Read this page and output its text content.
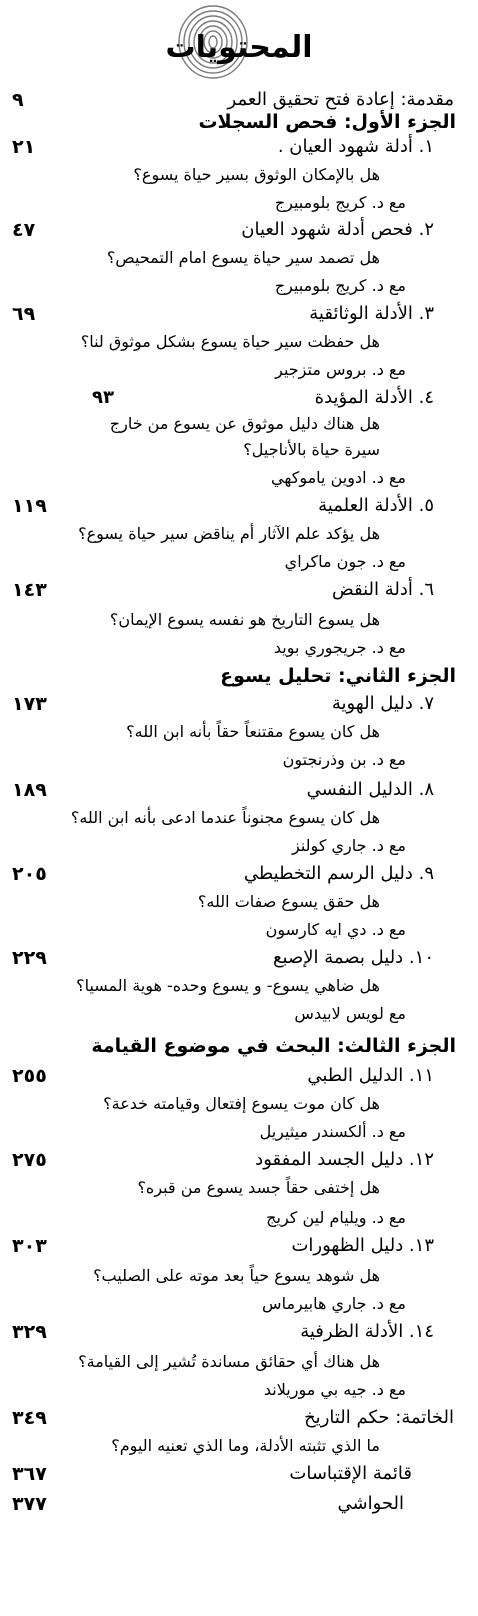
المحتويات
مقدمة: إعادة فتح تحقيق العمر
٩
الجزء الأول: فحص السجلات
١. أدلة شهود العيان .
٢١
هل بالإمكان الوثوق بسير حياة يسوع؟
مع د. كريج بلومبيرج
٢. فحص أدلة شهود العيان
٤٧
هل تصمد سير حياة يسوع امام التمحيص؟
مع د. كريج بلومبيرج
٣. الأدلة الوثائقية
٦٩
هل حفظت سير حياة يسوع بشكل موثوق لنا؟
مع د. بروس متزجير
٤. الأدلة المؤيدة
٩٣
هل هناك دليل موثوق عن يسوع من خارج
سيرة حياة بالأناجيل؟
مع د. ادوين ياموكهي
٥. الأدلة العلمية
١١٩
هل يؤكد علم الآثار أم يناقض سير حياة يسوع؟
مع د. جون ماكراي
٦. أدلة النقض
١٤٣
هل يسوع التاريخ هو نفسه يسوع الإيمان؟
مع د. جريجوري بويد
الجزء الثاني: تحليل يسوع
٧. دليل الهوية
١٧٣
هل كان يسوع مقتنعاً حقاً بأنه ابن الله؟
مع د. بن وذرنجتون
٨. الدليل النفسي
١٨٩
هل كان يسوع مجنوناً عندما ادعى بأنه ابن الله؟
مع د. جاري كولنز
٩. دليل الرسم التخطيطي
٢٠٥
هل حقق يسوع صفات الله؟
مع د. دي ايه كارسون
١٠. دليل بصمة الإصبع
٢٢٩
هل ضاهي يسوع- و يسوع وحده- هوية المسيا؟
مع لويس لابيدس
الجزء الثالث: البحث في موضوع القيامة
١١. الدليل الطبي
٢٥٥
هل كان موت يسوع إفتعال وقيامته خدعة؟
مع د. ألكسندر ميثيريل
١٢. دليل الجسد المفقود
٢٧٥
هل إختفى حقاً جسد يسوع من قبره؟
مع د. ويليام لين كريج
١٣. دليل الظهورات
٣٠٣
هل شوهد يسوع حياً بعد موته على الصليب؟
مع د. جاري هابيرماس
١٤. الأدلة الظرفية
٣٢٩
هل هناك أي حقائق مساندة تُشير إلى القيامة؟
مع د. جيه بي موريلاند
الخاتمة: حكم التاريخ
٣٤٩
ما الذي تثبته الأدلة، وما الذي تعنيه اليوم؟
قائمة الإقتباسات
٣٦٧
الحواشي
٣٧٧
